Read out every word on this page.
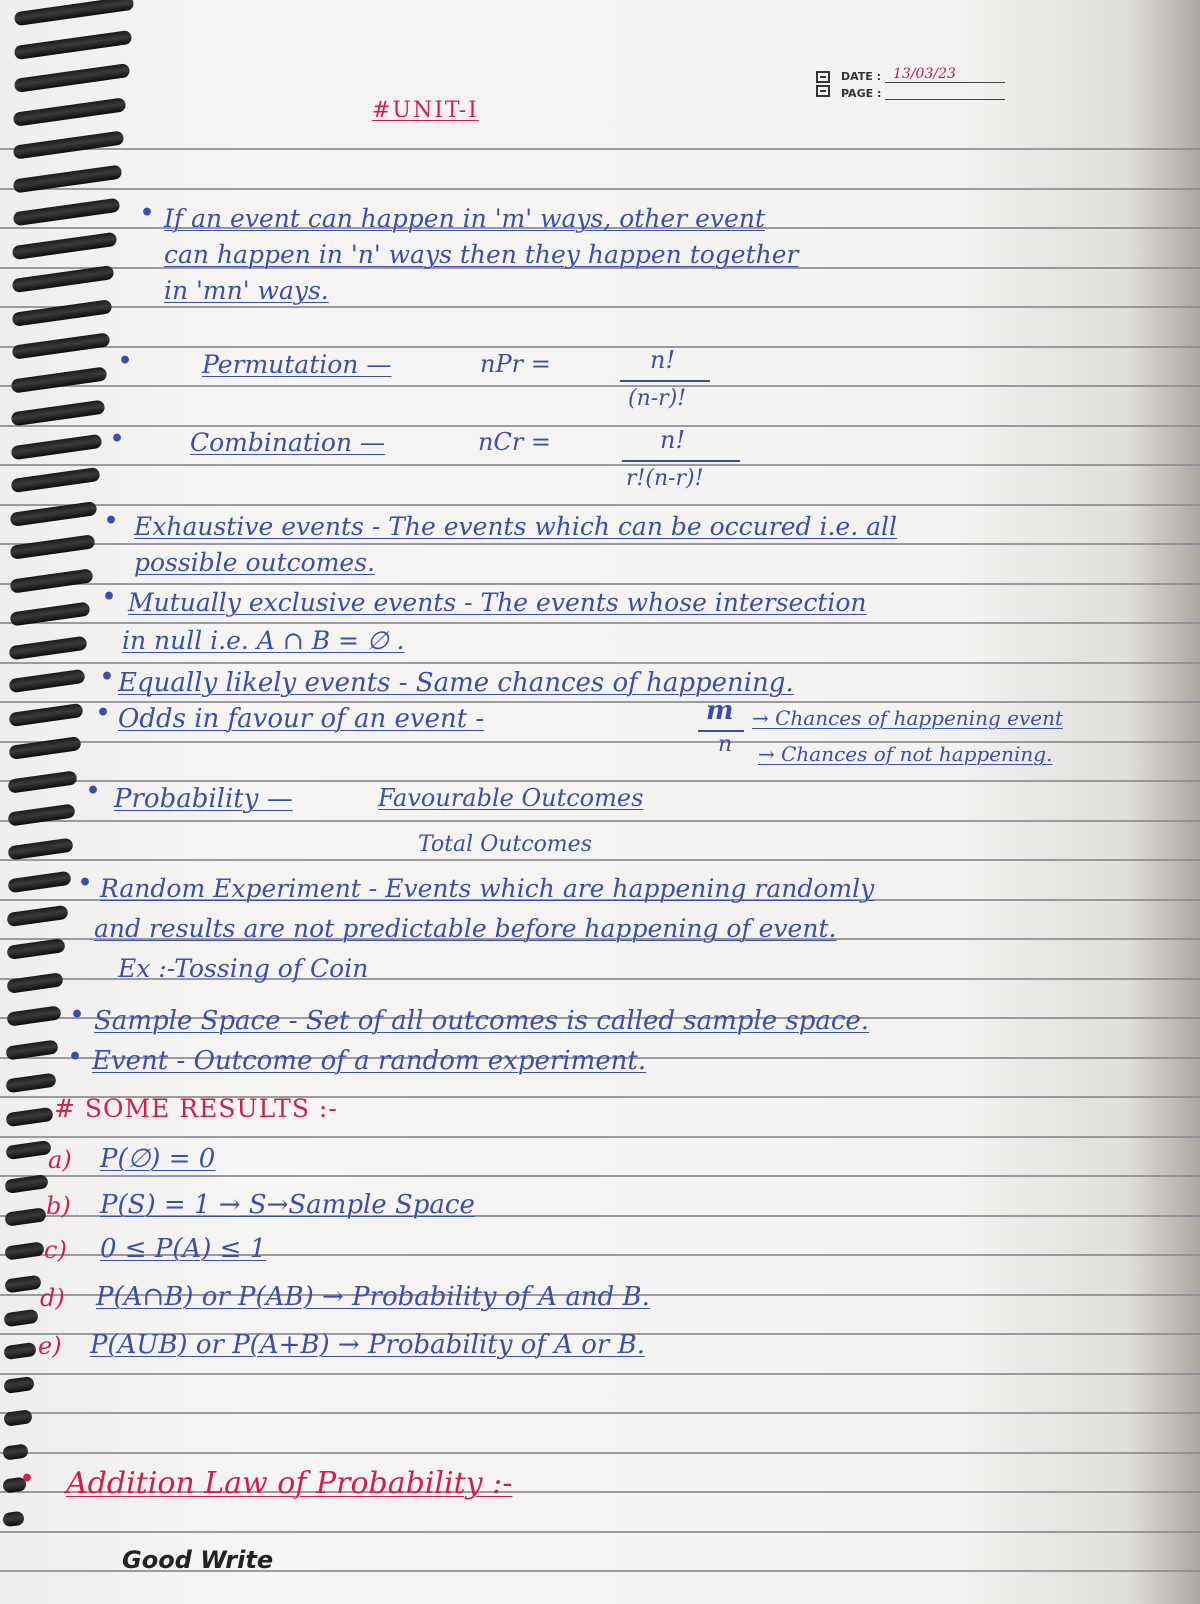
DATE : 13/03/23
PAGE :
#UNIT-I
• If an event can happen in 'm' ways, other event
can happen in 'n' ways then they happen together
in 'mn' ways.
•	Permutation —	nPr =	n!
(n-r)!
•	Combination —	nCr =	n!
r!(n-r)!
• Exhaustive events - The events which can be occured i.e. all
possible outcomes.
• Mutually exclusive events - The events whose intersection
in null i.e. A ∩ B = ∅ .
• Equally likely events - Same chances of happening.
• Odds in favour of an event -	m
n
→ Chances of happening event
→ Chances of not happening.
• Probability —	Favourable Outcomes
Total Outcomes
• Random Experiment - Events which are happening randomly
and results are not predictable before happening of event.
Ex :-Tossing of Coin
• Sample Space - Set of all outcomes is called sample space.
• Event - Outcome of a random experiment.
# SOME RESULTS :-
a) P(∅) = 0
b) P(S) = 1 → S→Sample Space
c) 0 ≤ P(A) ≤ 1
d) P(A∩B) or P(AB) → Probability of A and B.
e) P(AUB) or P(A+B) → Probability of A or B.
• Addition Law of Probability :-
Good Write
